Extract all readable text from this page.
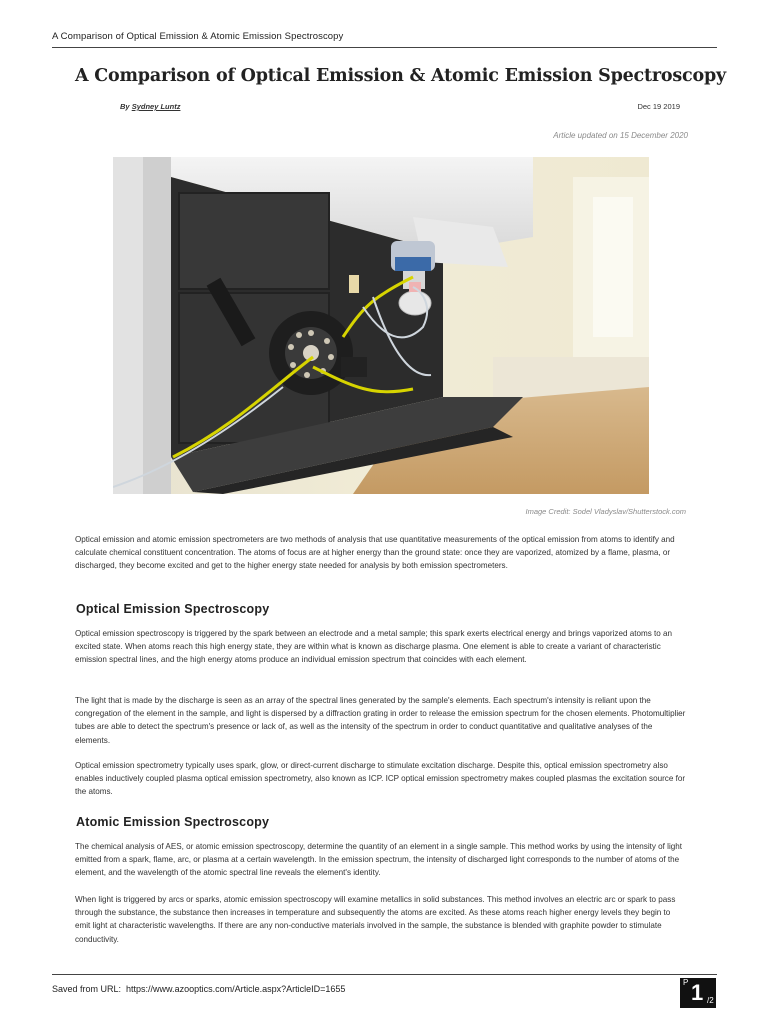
A Comparison of Optical Emission & Atomic Emission Spectroscopy
A Comparison of Optical Emission & Atomic Emission Spectroscopy
By Sydney Luntz	Dec 19 2019
Article updated on 15 December 2020
Image Credit: Sodel Vladyslav/Shutterstock.com

Optical emission and atomic emission spectrometers are two methods of analysis that use quantitative measurements of the optical emission from atoms to identify and calculate chemical constituent concentration. The atoms of focus are at higher energy than the ground state: once they are vaporized, atomized by a flame, plasma, or discharged, they become excited and get to the higher energy state needed for analysis by both emission spectrometers.

Optical Emission Spectroscopy

Optical emission spectroscopy is triggered by the spark between an electrode and a metal sample; this spark exerts electrical energy and brings vaporized atoms to an excited state. When atoms reach this high energy state, they are within what is known as discharge plasma. One element is able to create a variant of characteristic emission spectral lines, and the high energy atoms produce an individual emission spectrum that coincides with each element.

The light that is made by the discharge is seen as an array of the spectral lines generated by the sample's elements. Each spectrum's intensity is reliant upon the congregation of the element in the sample, and light is dispersed by a diffraction grating in order to release the emission spectrum for the chosen elements. Photomultiplier tubes are able to detect the spectrum's presence or lack of, as well as the intensity of the spectrum in order to conduct quantitative and qualitative analyses of the elements.

Optical emission spectrometry typically uses spark, glow, or direct-current discharge to stimulate excitation discharge. Despite this, optical emission spectrometry also enables inductively coupled plasma optical emission spectrometry, also known as ICP. ICP optical emission spectrometry makes coupled plasmas the excitation source for the atoms.

Atomic Emission Spectroscopy

The chemical analysis of AES, or atomic emission spectroscopy, determine the quantity of an element in a single sample. This method works by using the intensity of light emitted from a spark, flame, arc, or plasma at a certain wavelength. In the emission spectrum, the intensity of discharged light corresponds to the number of atoms of the element, and the wavelength of the atomic spectral line reveals the element's identity.

When light is triggered by arcs or sparks, atomic emission spectroscopy will examine metallics in solid substances. This method involves an electric arc or spark to pass through the substance, the substance then increases in temperature and subsequently the atoms are excited. As these atoms reach higher energy levels they begin to emit light at characteristic wavelengths. If there are any non-conductive materials involved in the sample, the substance is blended with graphite powder to stimulate conductivity.

Saved from URL: https://www.azooptics.com/Article.aspx?ArticleID=1655
P 1 /2
